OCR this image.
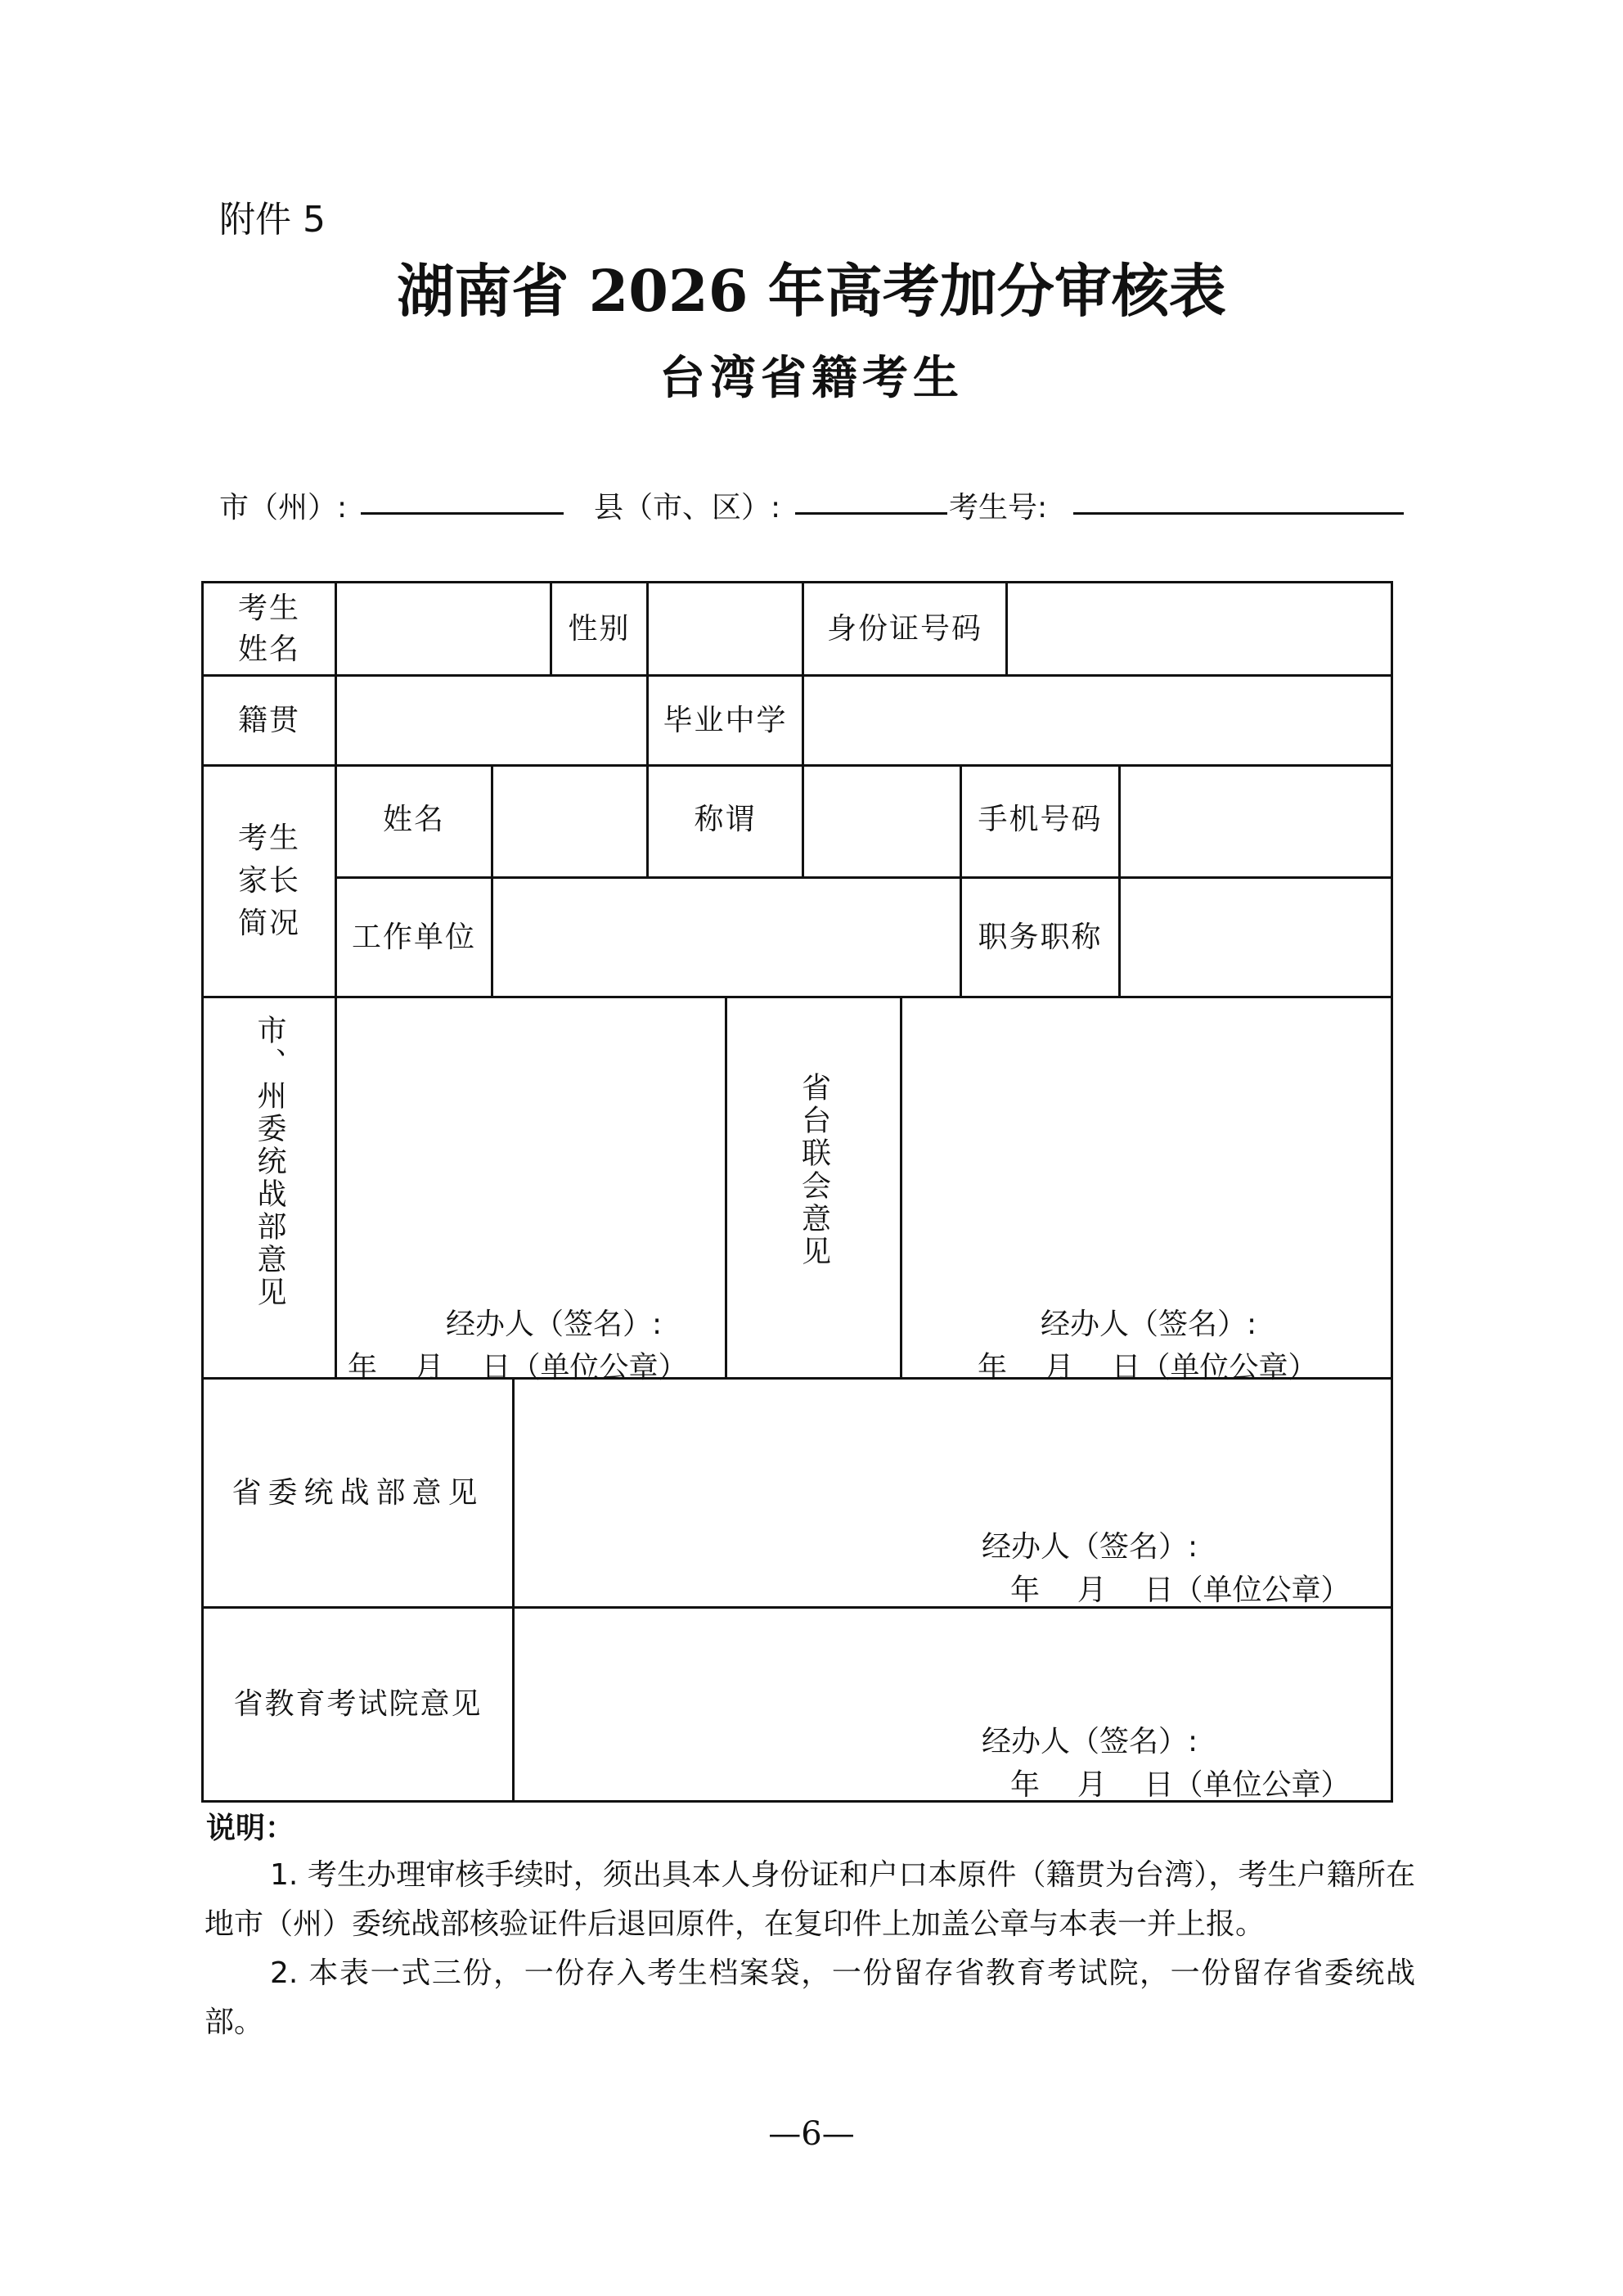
附件 5
湖南省 2026 年高考加分审核表
台湾省籍考生
市（州）:	县（市、区）:	考生号:
考生
姓名
性别	身份证号码
籍贯	毕业中学
考生家长简况
姓名	称谓	手机号码
工作单位	职务职称
市、州委统战部意见
经办人（签名）:
年    月    日（单位公章）
省台联会意见
经办人（签名）:
年    月    日（单位公章）
省委统战部意见
经办人（签名）:
年    月    日（单位公章）
省教育考试院意见
经办人（签名）:
年    月    日（单位公章）
说明：
1. 考生办理审核手续时，须出具本人身份证和户口本原件（籍贯为台湾），考生户籍所在地市（州）委统战部核验证件后退回原件，在复印件上加盖公章与本表一并上报。
2. 本表一式三份，一份存入考生档案袋，一份留存省教育考试院，一份留存省委统战部。
—6—
